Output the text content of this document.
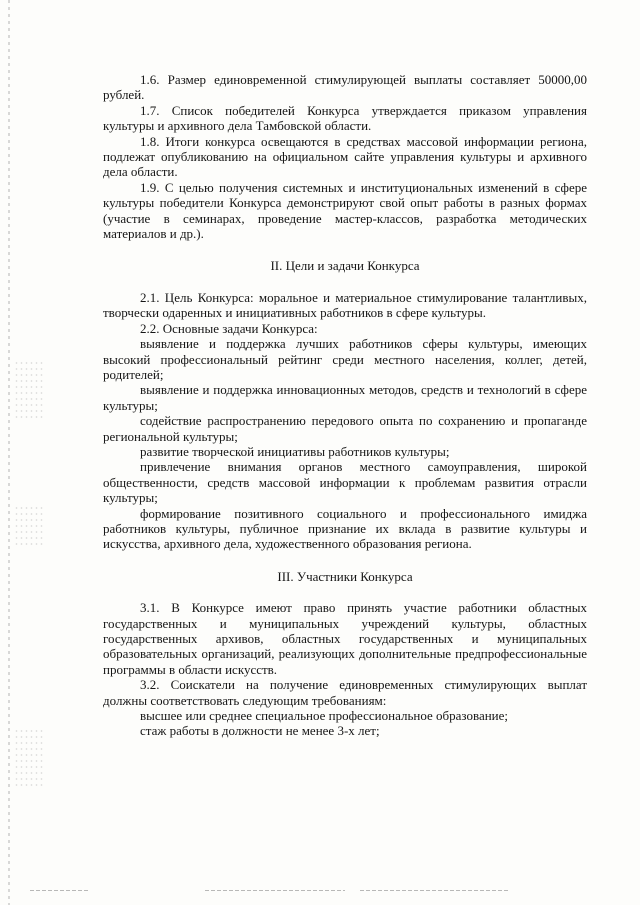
1.6. Размер единовременной стимулирующей выплаты составляет 50000,00 рублей.

1.7. Список победителей Конкурса утверждается приказом управления культуры и архивного дела Тамбовской области.

1.8. Итоги конкурса освещаются в средствах массовой информации региона, подлежат опубликованию на официальном сайте управления культуры и архивного дела области.

1.9. С целью получения системных и институциональных изменений в сфере культуры победители Конкурса демонстрируют свой опыт работы в разных формах (участие в семинарах, проведение мастер-классов, разработка методических материалов и др.).

II. Цели и задачи Конкурса

2.1. Цель Конкурса: моральное и материальное стимулирование талантливых, творчески одаренных и инициативных работников в сфере культуры.

2.2. Основные задачи Конкурса:

выявление и поддержка лучших работников сферы культуры, имеющих высокий профессиональный рейтинг среди местного населения, коллег, детей, родителей;

выявление и поддержка инновационных методов, средств и технологий в сфере культуры;

содействие распространению передового опыта по сохранению и пропаганде региональной культуры;

развитие творческой инициативы работников культуры;

привлечение внимания органов местного самоуправления, широкой общественности, средств массовой информации к проблемам развития отрасли культуры;

формирование позитивного социального и профессионального имиджа работников культуры, публичное признание их вклада в развитие культуры и искусства, архивного дела, художественного образования региона.

III. Участники Конкурса

3.1. В Конкурсе имеют право принять участие работники областных государственных и муниципальных учреждений культуры, областных государственных архивов, областных государственных и муниципальных образовательных организаций, реализующих дополнительные предпрофессиональные программы в области искусств.

3.2. Соискатели на получение единовременных стимулирующих выплат должны соответствовать следующим требованиям:

высшее или среднее специальное профессиональное образование;

стаж работы в должности не менее 3-х лет;
